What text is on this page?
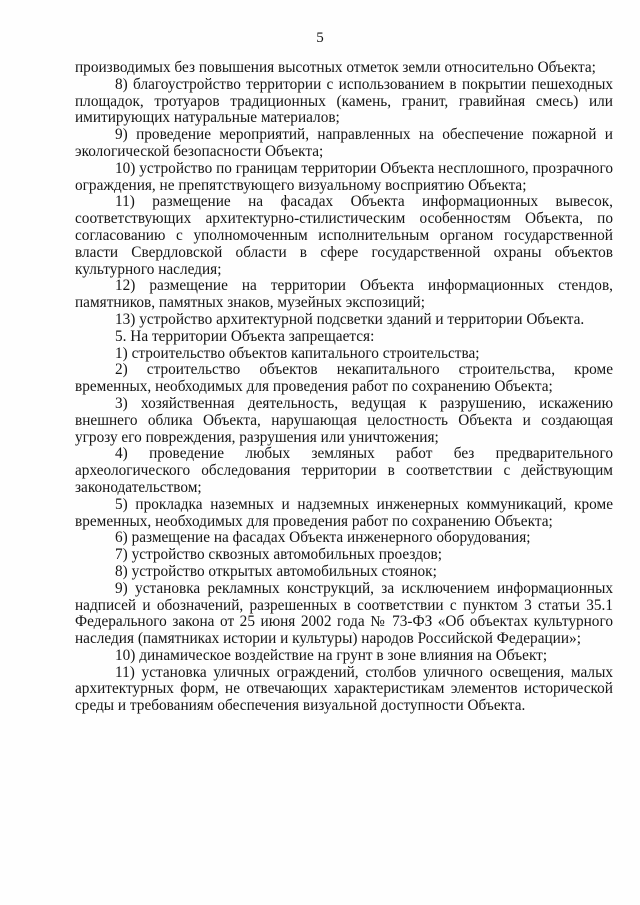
5

производимых без повышения высотных отметок земли относительно Объекта;

8) благоустройство территории с использованием в покрытии пешеходных площадок, тротуаров традиционных (камень, гранит, гравийная смесь) или имитирующих натуральные материалов;

9) проведение мероприятий, направленных на обеспечение пожарной и экологической безопасности Объекта;

10) устройство по границам территории Объекта несплошного, прозрачного ограждения, не препятствующего визуальному восприятию Объекта;

11) размещение на фасадах Объекта информационных вывесок, соответствующих архитектурно-стилистическим особенностям Объекта, по согласованию с уполномоченным исполнительным органом государственной власти Свердловской области в сфере государственной охраны объектов культурного наследия;

12) размещение на территории Объекта информационных стендов, памятников, памятных знаков, музейных экспозиций;

13) устройство архитектурной подсветки зданий и территории Объекта.

5. На территории Объекта запрещается:

1) строительство объектов капитального строительства;

2) строительство объектов некапитального строительства, кроме временных, необходимых для проведения работ по сохранению Объекта;

3) хозяйственная деятельность, ведущая к разрушению, искажению внешнего облика Объекта, нарушающая целостность Объекта и создающая угрозу его повреждения, разрушения или уничтожения;

4) проведение любых земляных работ без предварительного археологического обследования территории в соответствии с действующим законодательством;

5) прокладка наземных и надземных инженерных коммуникаций, кроме временных, необходимых для проведения работ по сохранению Объекта;

6) размещение на фасадах Объекта инженерного оборудования;

7) устройство сквозных автомобильных проездов;

8) устройство открытых автомобильных стоянок;

9) установка рекламных конструкций, за исключением информационных надписей и обозначений, разрешенных в соответствии с пунктом 3 статьи 35.1 Федерального закона от 25 июня 2002 года № 73-ФЗ «Об объектах культурного наследия (памятниках истории и культуры) народов Российской Федерации»;

10) динамическое воздействие на грунт в зоне влияния на Объект;

11) установка уличных ограждений, столбов уличного освещения, малых архитектурных форм, не отвечающих характеристикам элементов исторической среды и требованиям обеспечения визуальной доступности Объекта.
